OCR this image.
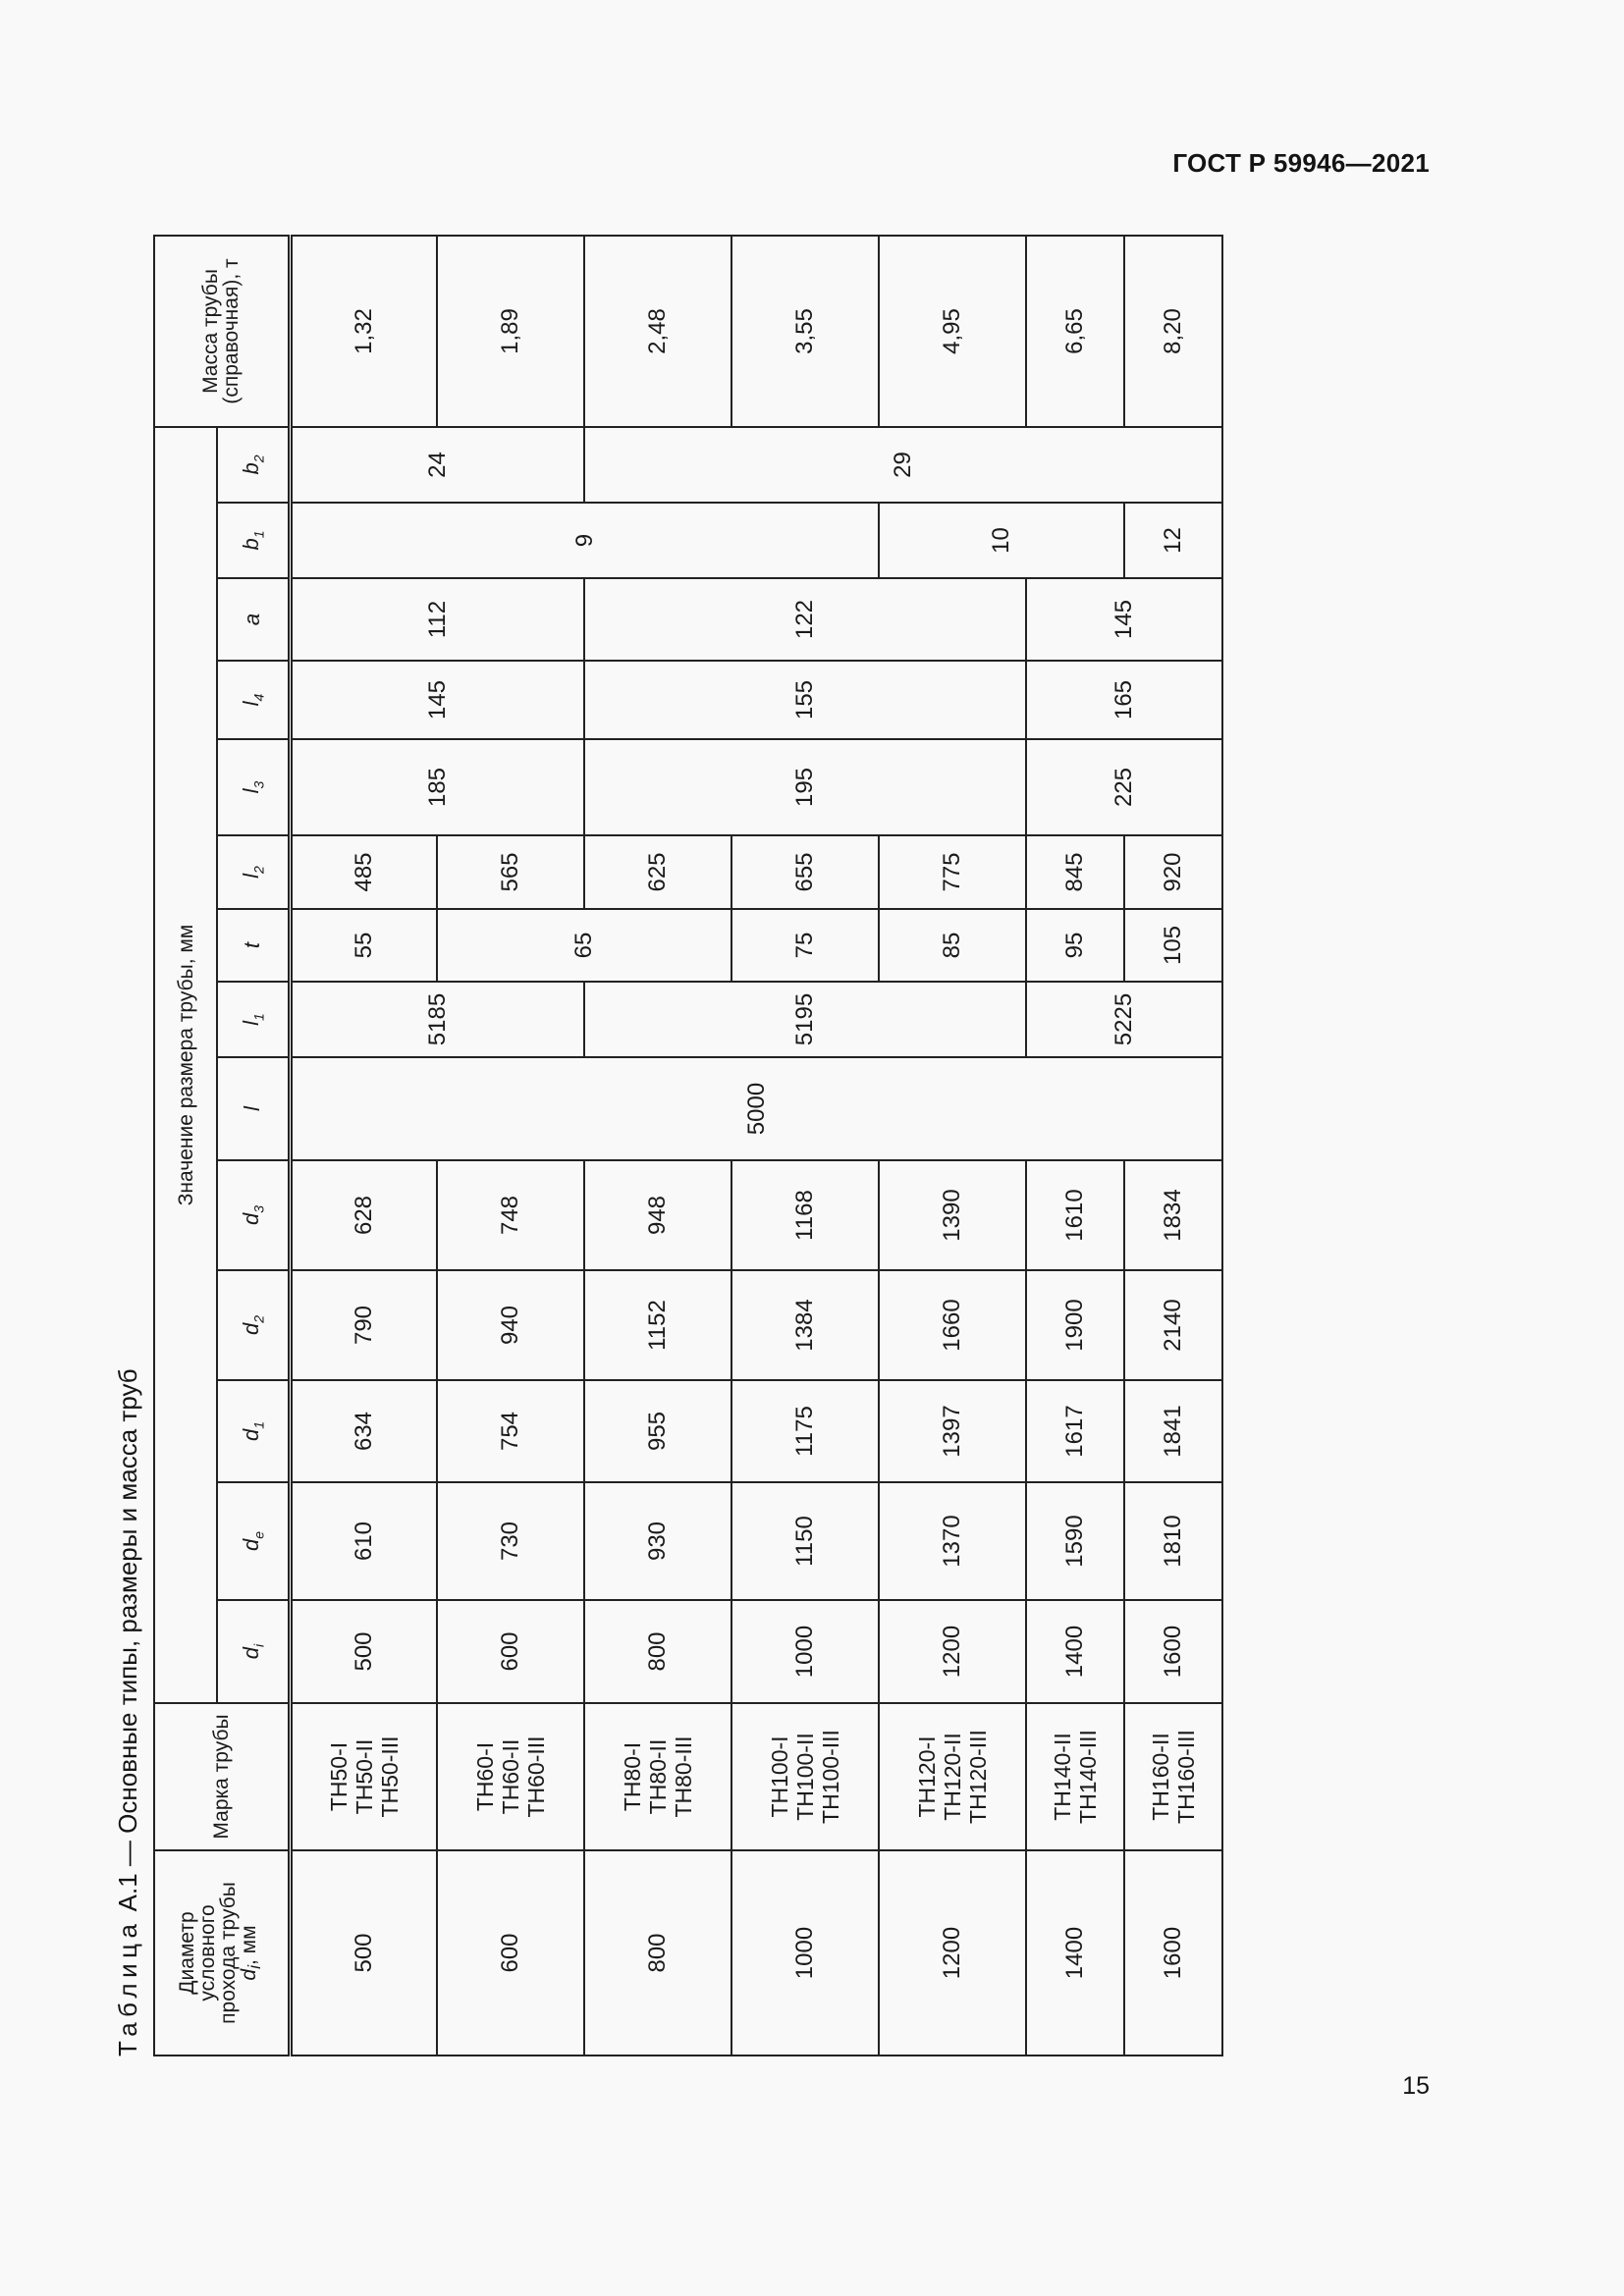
ГОСТ Р 59946—2021
Таблица А.1 — Основные типы, размеры и масса труб
Диаметр
условного
прохода трубы
$d_i$, мм	Марка трубы	Значение размера трубы, мм														Масса трубы
(справочная), т
		$d_i$	$d_e$	$d_1$	$d_2$	$d_3$	l	$l_1$	t	$l_2$	$l_3$	$l_4$	a	$b_1$	$b_2$
500	ТН50-I ТН50-II ТН50-III	500	610	634	790	628	5000	5185	55	485	185	145	112	9	24	1,32
600	ТН60-I ТН60-II ТН60-III	600	730	754	940	748			65	565						1,89
800	ТН80-I ТН80-II ТН80-III	800	930	955	1152	948		5195		625	195	155	122		29	2,48
1000	ТН100-I ТН100-II ТН100-III	1000	1150	1175	1384	1168			75	655						3,55
1200	ТН120-I ТН120-II ТН120-III	1200	1370	1397	1660	1390			85	775				10		4,95
1400	ТН140-II ТН140-III	1400	1590	1617	1900	1610		5225	95	845	225	165	145			6,65
1600	ТН160-II ТН160-III	1600	1810	1841	2140	1834			105	920				12		8,20
15
